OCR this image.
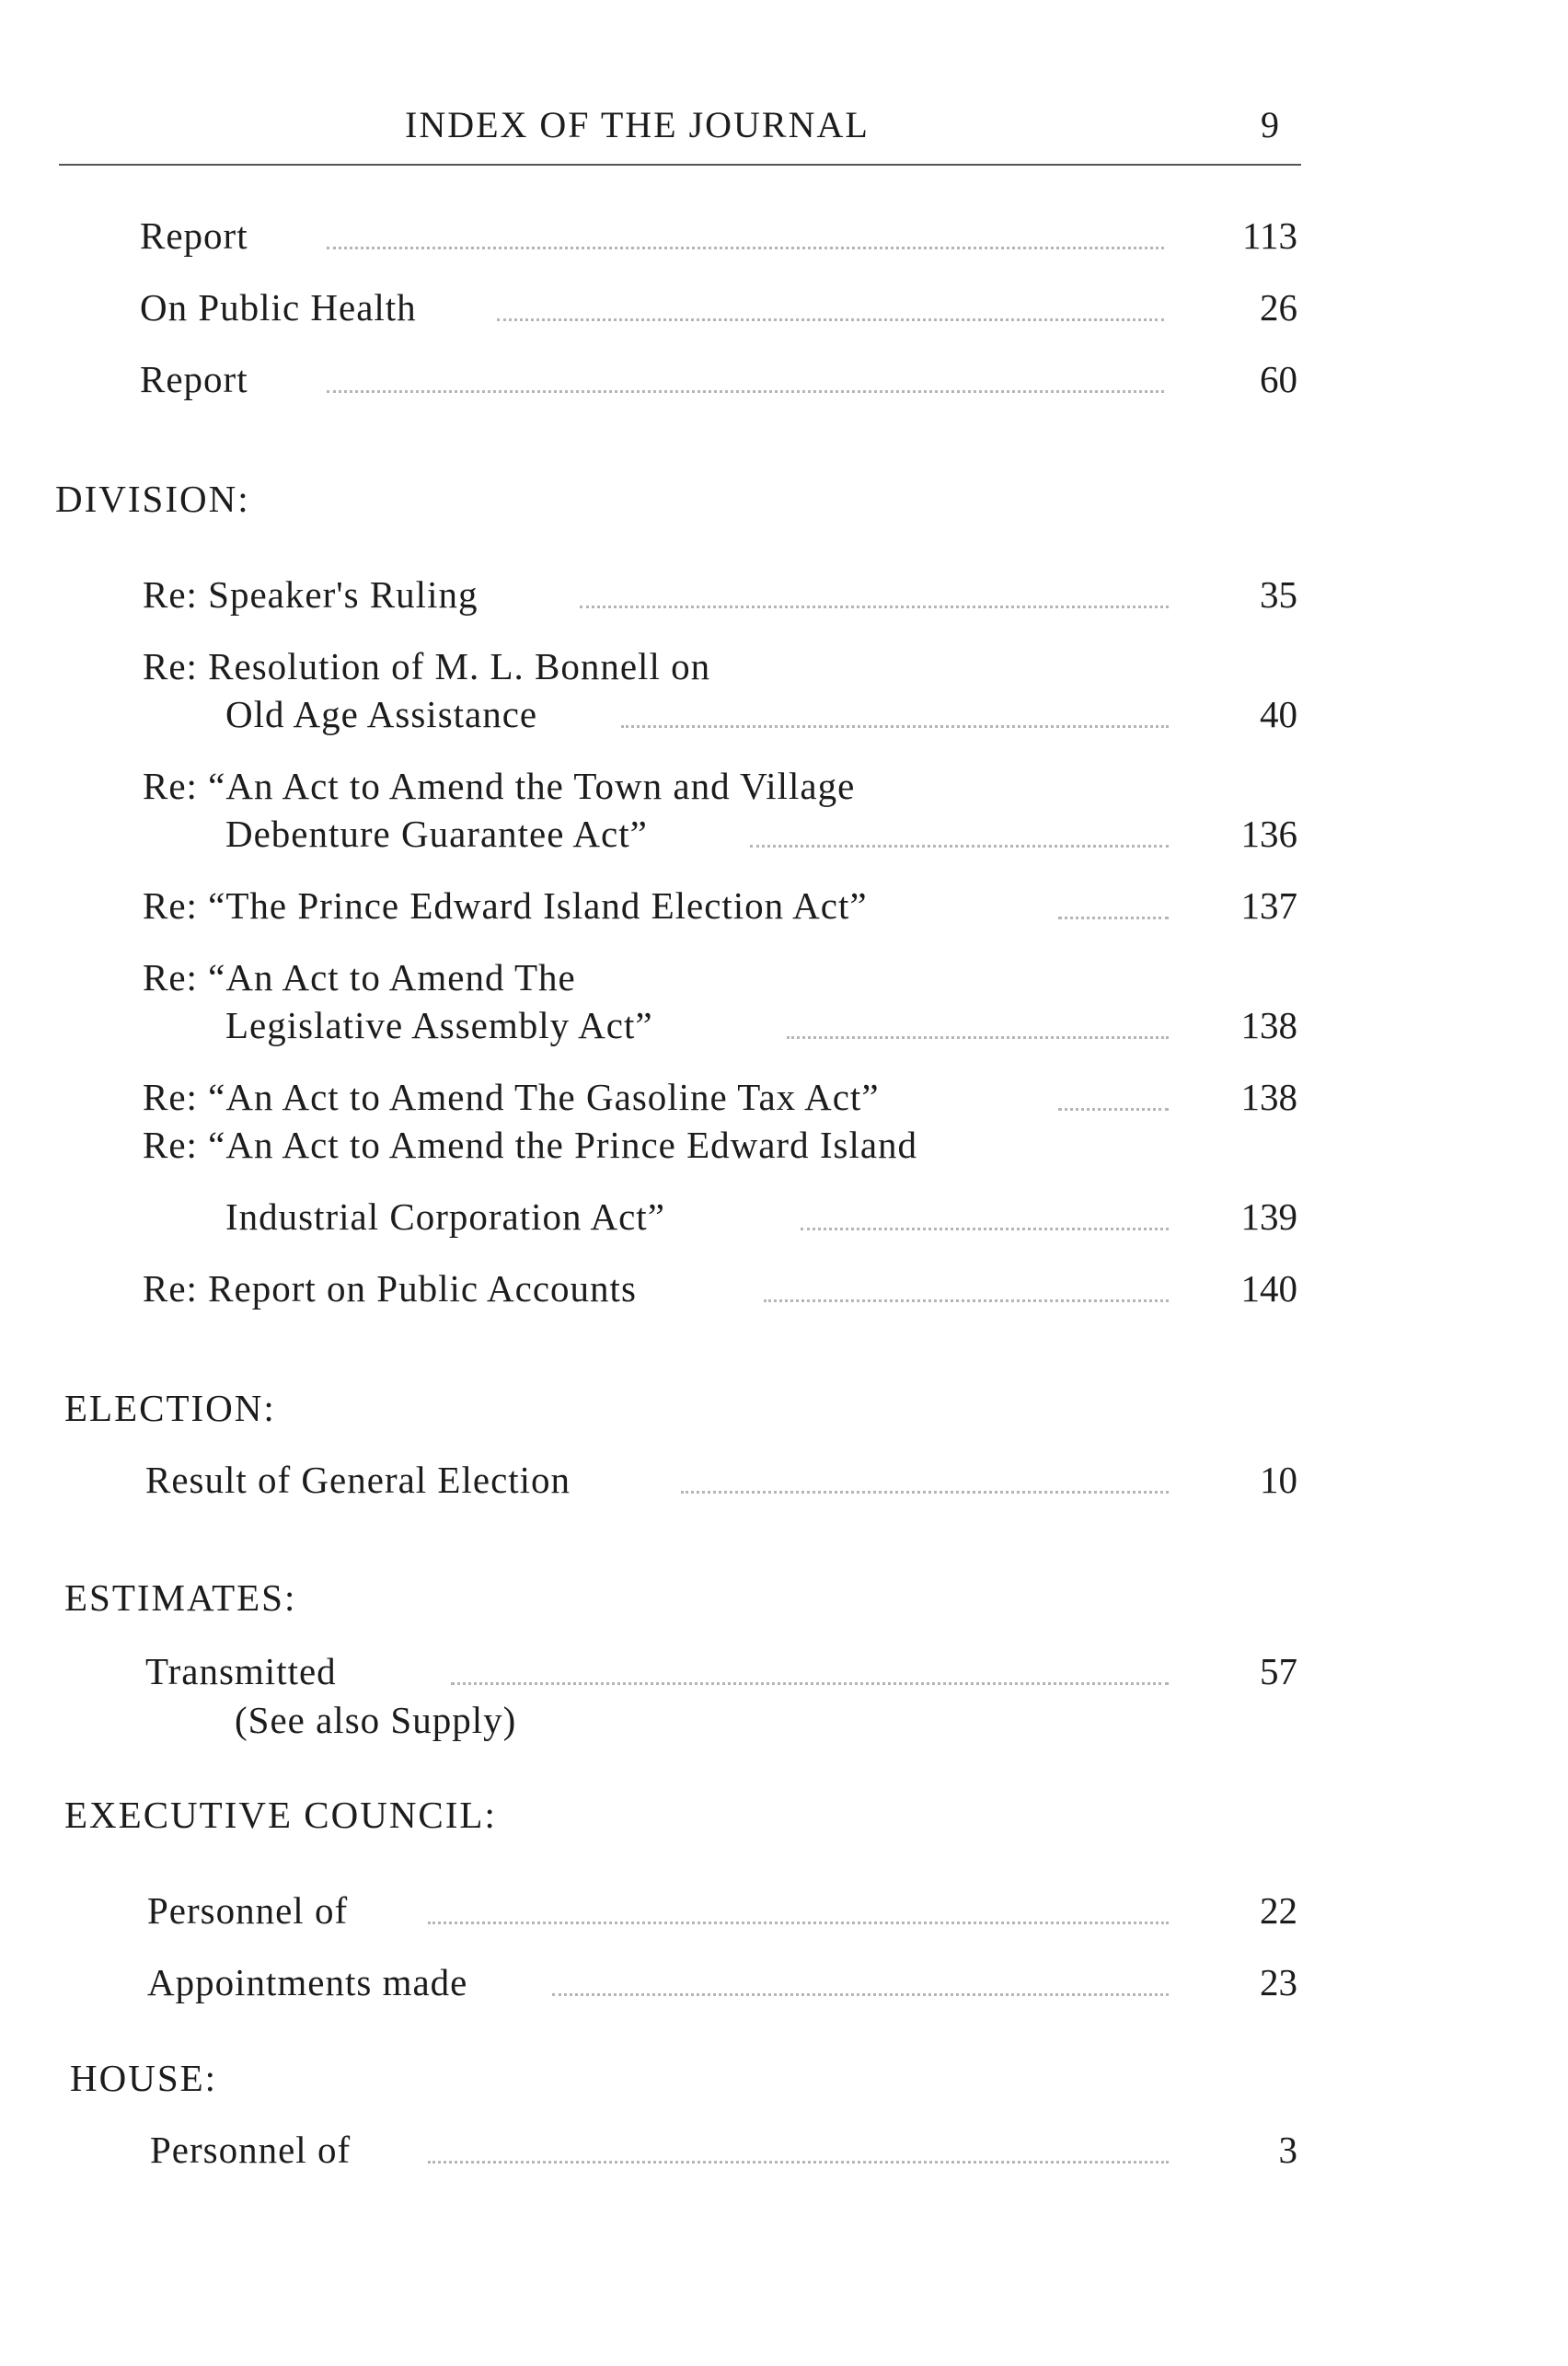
INDEX OF THE JOURNAL	9
Report	113
On Public Health	26
Report	60
DIVISION:
Re: Speaker's Ruling	35
Re: Resolution of M. L. Bonnell on
Old Age Assistance	40
Re: “An Act to Amend the Town and Village
Debenture Guarantee Act”	136
Re: “The Prince Edward Island Election Act”	137
Re: “An Act to Amend The
Legislative Assembly Act”	138
Re: “An Act to Amend The Gasoline Tax Act”	138
Re: “An Act to Amend the Prince Edward Island
Industrial Corporation Act”	139
Re: Report on Public Accounts	140
ELECTION:
Result of General Election	10
ESTIMATES:
Transmitted	57
(See also Supply)
EXECUTIVE COUNCIL:
Personnel of	22
Appointments made	23
HOUSE:
Personnel of	3
